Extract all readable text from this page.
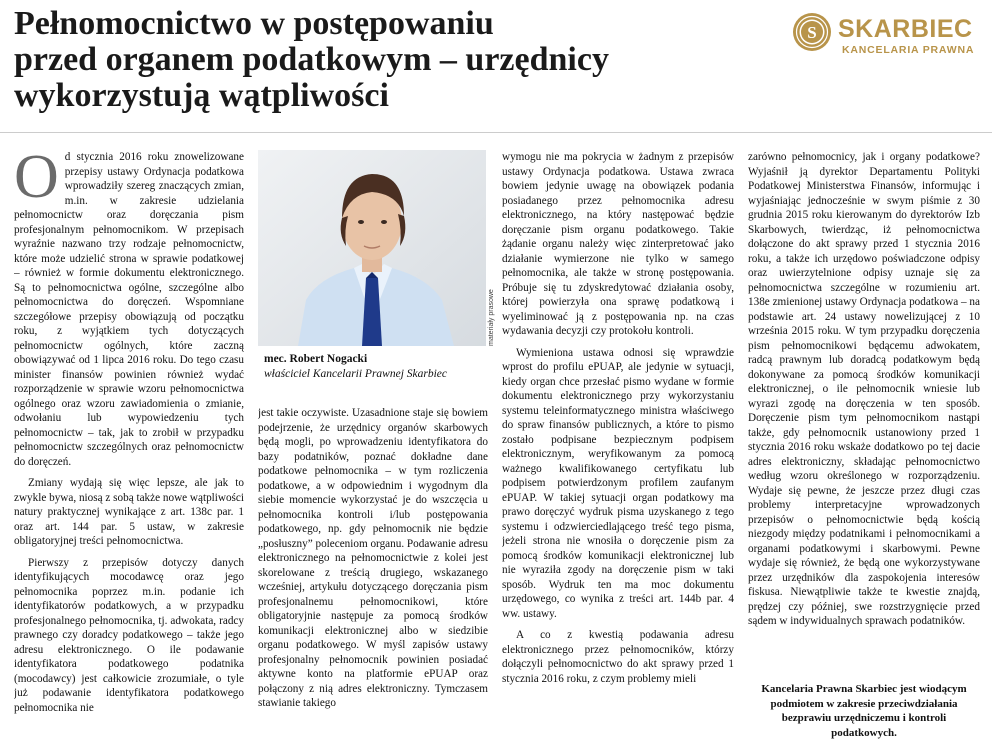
Pełnomocnictwo w postępowaniu
przed organem podatkowym – urzędnicy
wykorzystują wątpliwości
S SKARBIEC
KANCELARIA PRAWNA
O d stycznia 2016 roku znowelizowane przepisy ustawy Ordynacja podatkowa wprowadziły szereg znaczących zmian, m.in. w zakresie udzielania pełnomocnictw oraz doręczania pism profesjonalnym pełnomocnikom. W przepisach wyraźnie nazwano trzy rodzaje pełnomocnictw, które może udzielić strona w sprawie podatkowej – również w formie dokumentu elektronicznego. Są to pełnomocnictwa ogólne, szczególne albo pełnomocnictwa do doręczeń. Wspomniane szczegółowe przepisy obowiązują od początku roku, z wyjątkiem tych dotyczących pełnomocnictw ogólnych, które zaczną obowiązywać od 1 lipca 2016 roku. Do tego czasu minister finansów powinien również wydać rozporządzenie w sprawie wzoru pełnomocnictwa ogólnego oraz wzoru zawiadomienia o zmianie, odwołaniu lub wypowiedzeniu tych pełnomocnictw – tak, jak to zrobił w przypadku pełnomocnictw szczególnych oraz pełnomocnictw do doręczeń.

Zmiany wydają się więc lepsze, ale jak to zwykle bywa, niosą z sobą także nowe wątpliwości natury praktycznej wynikające z art. 138c par. 1 oraz art. 144 par. 5 ustaw, w zakresie obligatoryjnej treści pełnomocnictwa.

Pierwszy z przepisów dotyczy danych identyfikujących mocodawcę oraz jego pełnomocnika poprzez m.in. podanie ich identyfikatorów podatkowych, a w przypadku profesjonalnego pełnomocnika, tj. adwokata, radcy prawnego czy doradcy podatkowego – także jego adresu elektronicznego. O ile podawanie identyfikatora podatkowego podatnika (mocodawcy) jest całkowicie zrozumiałe, o tyle już podawanie identyfikatora podatkowego pełnomocnika nie

materiały prasowe
mec. Robert Nogacki
właściciel Kancelarii Prawnej Skarbiec

jest takie oczywiste. Uzasadnione staje się bowiem podejrzenie, że urzędnicy organów skarbowych będą mogli, po wprowadzeniu identyfikatora do bazy podatników, poznać dokładne dane podatkowe pełnomocnika – w tym rozliczenia podatkowe, a w odpowiednim i wygodnym dla siebie momencie wykorzystać je do wszczęcia u pełnomocnika kontroli i/lub postępowania podatkowego, np. gdy pełnomocnik nie będzie „posłuszny” poleceniom organu. Podawanie adresu elektronicznego na pełnomocnictwie z kolei jest skorelowane z treścią drugiego, wskazanego wcześniej, artykułu dotyczącego doręczania pism profesjonalnemu pełnomocnikowi, które obligatoryjnie następuje za pomocą środków komunikacji elektronicznej albo w siedzibie organu podatkowego. W myśl zapisów ustawy profesjonalny pełnomocnik powinien posiadać aktywne konto na platformie ePUAP oraz połączony z nią adres elektroniczny. Tymczasem stawianie takiego

wymogu nie ma pokrycia w żadnym z przepisów ustawy Ordynacja podatkowa. Ustawa zwraca bowiem jedynie uwagę na obowiązek podania posiadanego przez pełnomocnika adresu elektronicznego, na który następować będzie doręczanie pism organu podatkowego. Takie żądanie organu należy więc zinterpretować jako działanie wymierzone nie tylko w samego pełnomocnika, ale także w stronę postępowania. Próbuje się tu zdyskredytować działania osoby, której powierzyła ona sprawę podatkową i wyeliminować ją z postępowania np. na czas wydawania decyzji czy protokołu kontroli.

Wymieniona ustawa odnosi się wprawdzie wprost do profilu ePUAP, ale jedynie w sytuacji, kiedy organ chce przesłać pismo wydane w formie dokumentu elektronicznego przy wykorzystaniu systemu teleinformatycznego ministra właściwego do spraw finansów publicznych, a które to pismo zostało podpisane bezpiecznym podpisem elektronicznym, weryfikowanym za pomocą ważnego kwalifikowanego certyfikatu lub podpisem potwierdzonym profilem zaufanym ePUAP. W takiej sytuacji organ podatkowy ma prawo doręczyć wydruk pisma uzyskanego z tego systemu i odzwierciedlającego treść tego pisma, jeżeli strona nie wnosiła o doręczenie pism za pomocą środków komunikacji elektronicznej lub nie wyraziła zgody na doręczenie pism w taki sposób. Wydruk ten ma moc dokumentu urzędowego, co wynika z treści art. 144b par. 4 ww. ustawy.

A co z kwestią podawania adresu elektronicznego przez pełnomocników, którzy dołączyli pełnomocnictwo do akt sprawy przed 1 stycznia 2016 roku, z czym problemy mieli

zarówno pełnomocnicy, jak i organy podatkowe? Wyjaśnił ją dyrektor Departamentu Polityki Podatkowej Ministerstwa Finansów, informując i wyjaśniając jednocześnie w swym piśmie z 30 grudnia 2015 roku kierowanym do dyrektorów Izb Skarbowych, twierdząc, iż pełnomocnictwa dołączone do akt sprawy przed 1 stycznia 2016 roku, a także ich urzędowo poświadczone odpisy oraz uwierzytelnione odpisy uznaje się za pełnomocnictwa szczególne w rozumieniu art. 138e zmienionej ustawy Ordynacja podatkowa – na podstawie art. 24 ustawy nowelizującej z 10 września 2015 roku. W tym przypadku doręczenia pism pełnomocnikowi będącemu adwokatem, radcą prawnym lub doradcą podatkowym będą dokonywane za pomocą środków komunikacji elektronicznej, o ile pełnomocnik wniesie lub wyrazi zgodę na doręczenia w ten sposób. Doręczenie pism tym pełnomocnikom nastąpi także, gdy pełnomocnik ustanowiony przed 1 stycznia 2016 roku wskaże dodatkowo po tej dacie adres elektroniczny, składając pełnomocnictwo według wzoru określonego w rozporządzeniu. Wydaje się pewne, że jeszcze przez długi czas problemy interpretacyjne wprowadzonych przepisów o pełnomocnictwie będą kością niezgody między podatnikami i pełnomocnikami a organami podatkowymi i skarbowymi. Pewne wydaje się również, że będą one wykorzystywane przez urzędników dla zaspokojenia interesów fiskusa. Niewątpliwie także te kwestie znajdą, prędzej czy później, swe rozstrzygnięcie przed sądem w indywidualnych sprawach podatników.

Kancelaria Prawna Skarbiec jest wiodącym podmiotem w zakresie przeciwdziałania bezprawiu urzędniczemu i kontroli podatkowych.
